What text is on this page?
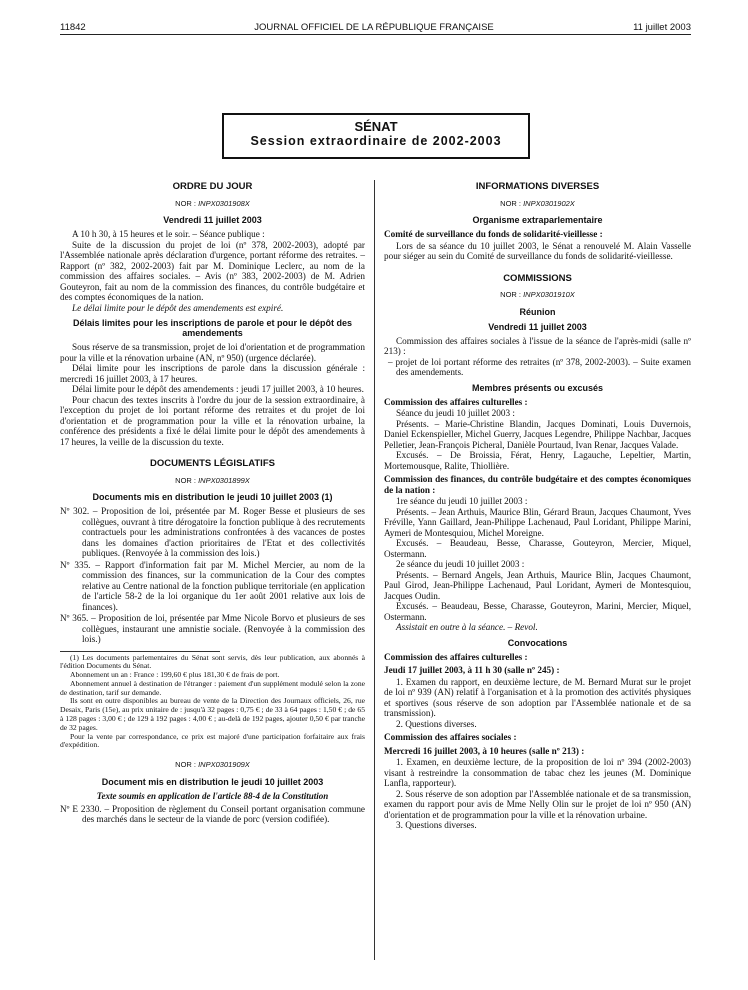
11842	JOURNAL OFFICIEL DE LA RÉPUBLIQUE FRANÇAISE	11 juillet 2003
SÉNAT
Session extraordinaire de 2002-2003
ORDRE DU JOUR
NOR : INPX0301908X
Vendredi 11 juillet 2003

A 10 h 30, à 15 heures et le soir. – Séance publique :

Suite de la discussion du projet de loi (nº 378, 2002-2003), adopté par l'Assemblée nationale après déclaration d'urgence, portant réforme des retraites. – Rapport (nº 382, 2002-2003) fait par M. Dominique Leclerc, au nom de la commission des affaires sociales. – Avis (nº 383, 2002-2003) de M. Adrien Gouteyron, fait au nom de la commission des finances, du contrôle budgétaire et des comptes économiques de la nation.

Le délai limite pour le dépôt des amendements est expiré.

Délais limites pour les inscriptions de parole et pour le dépôt des amendements

Sous réserve de sa transmission, projet de loi d'orientation et de programmation pour la ville et la rénovation urbaine (AN, nº 950) (urgence déclarée).

Délai limite pour les inscriptions de parole dans la discussion générale : mercredi 16 juillet 2003, à 17 heures.

Délai limite pour le dépôt des amendements : jeudi 17 juillet 2003, à 10 heures.

Pour chacun des textes inscrits à l'ordre du jour de la session extraordinaire, à l'exception du projet de loi portant réforme des retraites et du projet de loi d'orientation et de programmation pour la ville et la rénovation urbaine, la conférence des présidents a fixé le délai limite pour le dépôt des amendements à 17 heures, la veille de la discussion du texte.

DOCUMENTS LÉGISLATIFS
NOR : INPX0301899X
Documents mis en distribution le jeudi 10 juillet 2003 (1)
Nº 302. – Proposition de loi, présentée par M. Roger Besse et plusieurs de ses collègues, ouvrant à titre dérogatoire la fonction publique à des recrutements contractuels pour les administrations confrontées à des vacances de postes dans les domaines d'action prioritaires de l'Etat et des collectivités publiques. (Renvoyée à la commission des lois.)
Nº 335. – Rapport d'information fait par M. Michel Mercier, au nom de la commission des finances, sur la communication de la Cour des comptes relative au Centre national de la fonction publique territoriale (en application de l'article 58-2 de la loi organique du 1er août 2001 relative aux lois de finances).
Nº 365. – Proposition de loi, présentée par Mme Nicole Borvo et plusieurs de ses collègues, instaurant une amnistie sociale. (Renvoyée à la commission des lois.)

(1) Les documents parlementaires du Sénat sont servis, dès leur publication, aux abonnés à l'édition Documents du Sénat.

Abonnement un an : France : 199,60 € plus 181,30 € de frais de port.

Abonnement annuel à destination de l'étranger : paiement d'un supplément modulé selon la zone de destination, tarif sur demande.

Ils sont en outre disponibles au bureau de vente de la Direction des Journaux officiels, 26, rue Desaix, Paris (15e), au prix unitaire de : jusqu'à 32 pages : 0,75 € ; de 33 à 64 pages : 1,50 € ; de 65 à 128 pages : 3,00 € ; de 129 à 192 pages : 4,00 € ; au-delà de 192 pages, ajouter 0,50 € par tranche de 32 pages.

Pour la vente par correspondance, ce prix est majoré d'une participation forfaitaire aux frais d'expédition.

NOR : INPX0301909X
Document mis en distribution le jeudi 10 juillet 2003
Texte soumis en application de l'article 88-4 de la Constitution
Nº E 2330. – Proposition de règlement du Conseil portant organisation commune des marchés dans le secteur de la viande de porc (version codifiée).
INFORMATIONS DIVERSES
NOR : INPX0301902X
Organisme extraparlementaire

Comité de surveillance du fonds de solidarité-vieillesse :

Lors de sa séance du 10 juillet 2003, le Sénat a renouvelé M. Alain Vasselle pour siéger au sein du Comité de surveillance du fonds de solidarité-vieillesse.

COMMISSIONS
NOR : INPX0301910X
Réunion
Vendredi 11 juillet 2003

Commission des affaires sociales à l'issue de la séance de l'après-midi (salle nº 213) :

– projet de loi portant réforme des retraites (nº 378, 2002-2003). – Suite examen des amendements.
Membres présents ou excusés

Commission des affaires culturelles :

Séance du jeudi 10 juillet 2003 :

Présents. – Marie-Christine Blandin, Jacques Dominati, Louis Duvernois, Daniel Eckenspieller, Michel Guerry, Jacques Legendre, Philippe Nachbar, Jacques Pelletier, Jean-François Picheral, Danièle Pourtaud, Ivan Renar, Jacques Valade.

Excusés. – De Broissia, Férat, Henry, Lagauche, Lepeltier, Martin, Mortemousque, Ralite, Thiollière.

Commission des finances, du contrôle budgétaire et des comptes économiques de la nation :

1re séance du jeudi 10 juillet 2003 :

Présents. – Jean Arthuis, Maurice Blin, Gérard Braun, Jacques Chaumont, Yves Fréville, Yann Gaillard, Jean-Philippe Lachenaud, Paul Loridant, Philippe Marini, Aymeri de Montesquiou, Michel Moreigne.

Excusés. – Beaudeau, Besse, Charasse, Gouteyron, Mercier, Miquel, Ostermann.

2e séance du jeudi 10 juillet 2003 :

Présents. – Bernard Angels, Jean Arthuis, Maurice Blin, Jacques Chaumont, Paul Girod, Jean-Philippe Lachenaud, Paul Loridant, Aymeri de Montesquiou, Jacques Oudin.

Excusés. – Beaudeau, Besse, Charasse, Gouteyron, Marini, Mercier, Miquel, Ostermann.

Assistait en outre à la séance. – Revol.

Convocations

Commission des affaires culturelles :

Jeudi 17 juillet 2003, à 11 h 30 (salle nº 245) :

1. Examen du rapport, en deuxième lecture, de M. Bernard Murat sur le projet de loi nº 939 (AN) relatif à l'organisation et à la promotion des activités physiques et sportives (sous réserve de son adoption par l'Assemblée nationale et de sa transmission).

2. Questions diverses.

Commission des affaires sociales :

Mercredi 16 juillet 2003, à 10 heures (salle nº 213) :

1. Examen, en deuxième lecture, de la proposition de loi nº 394 (2002-2003) visant à restreindre la consommation de tabac chez les jeunes (M. Dominique Lanfla, rapporteur).

2. Sous réserve de son adoption par l'Assemblée nationale et de sa transmission, examen du rapport pour avis de Mme Nelly Olin sur le projet de loi nº 950 (AN) d'orientation et de programmation pour la ville et la rénovation urbaine.

3. Questions diverses.
